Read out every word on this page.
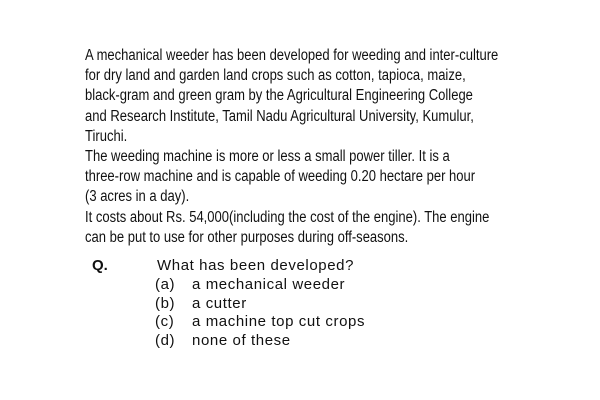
A mechanical weeder has been developed for weeding and inter-culture
for dry land and garden land crops such as cotton, tapioca, maize,
black-gram and green gram by the Agricultural Engineering College
and Research Institute, Tamil Nadu Agricultural University, Kumulur,
Tiruchi.
The weeding machine is more or less a small power tiller. It is a
three-row machine and is capable of weeding 0.20 hectare per hour
(3 acres in a day).
It costs about Rs. 54,000(including the cost of the engine). The engine
can be put to use for other purposes during off-seasons.
Q.	What has been developed?
(a) a mechanical weeder
(b) a cutter
(c) a machine top cut crops
(d) none of these
